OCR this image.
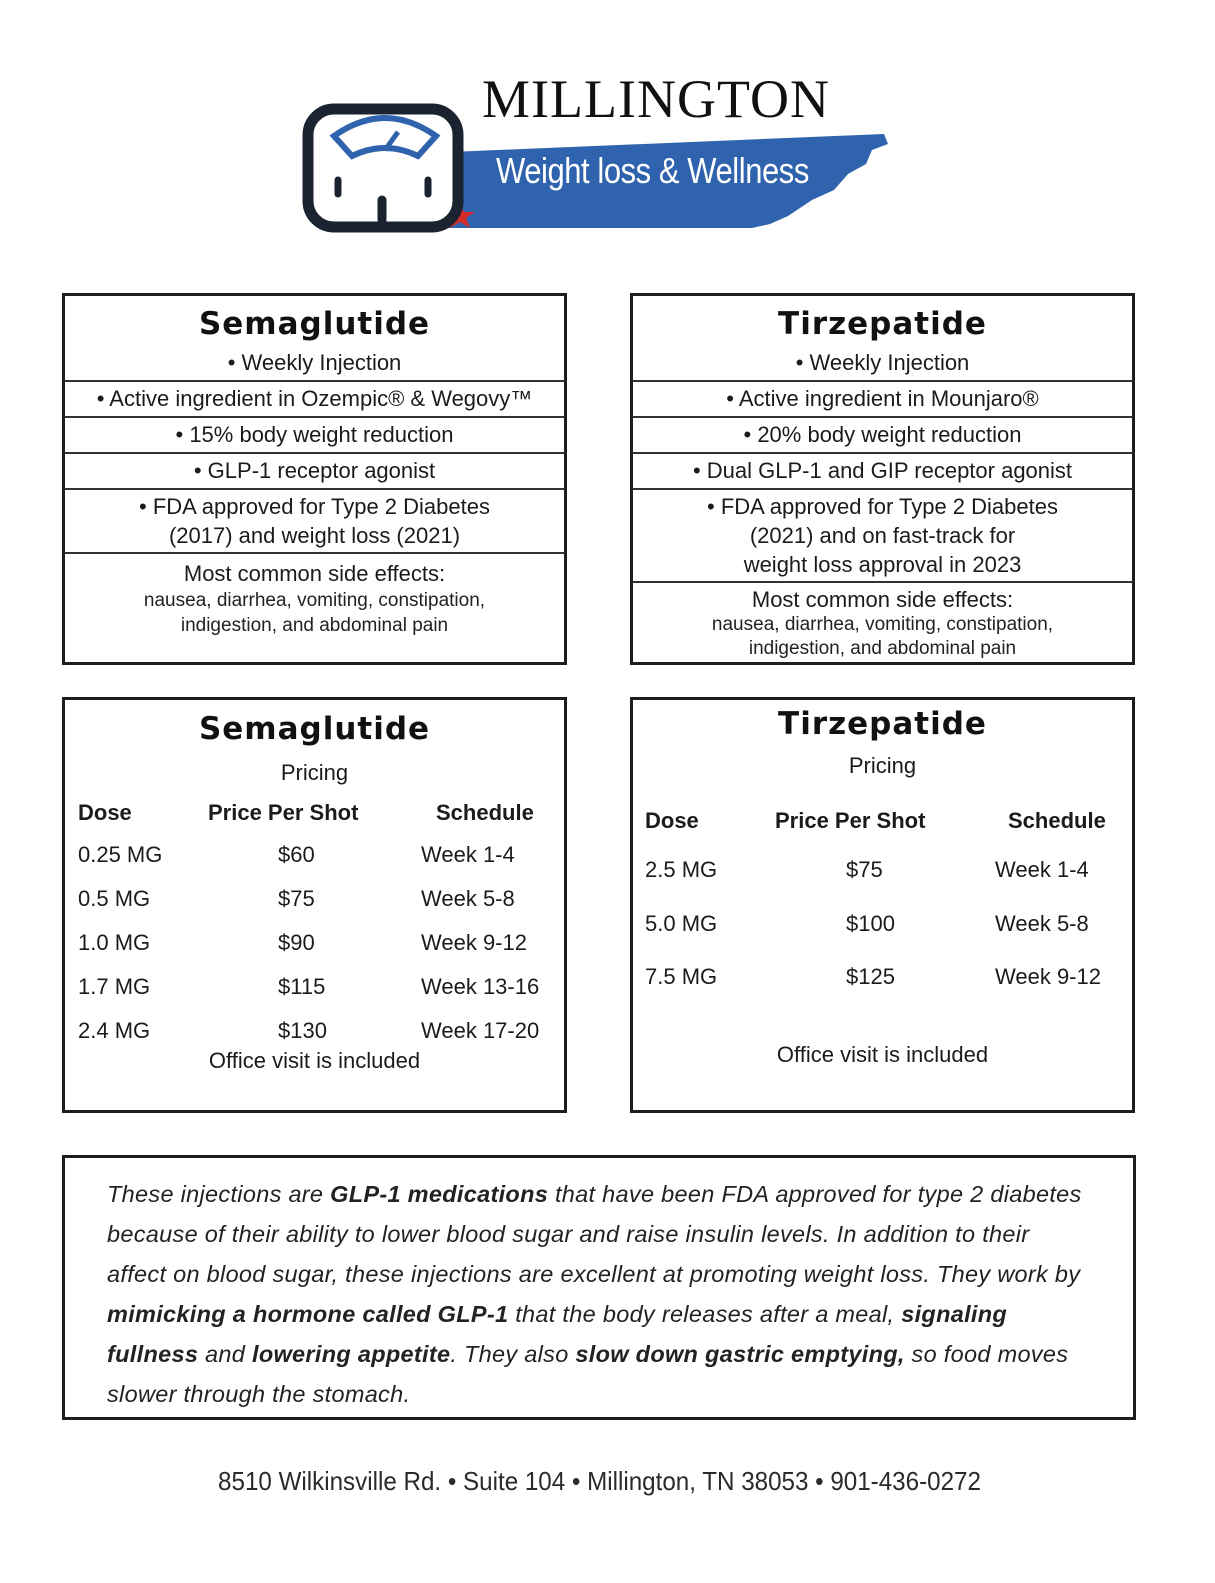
MILLINGTON
Weight loss & Wellness
Semaglutide
• Weekly Injection
• Active ingredient in Ozempic® & Wegovy™
• 15% body weight reduction
• GLP-1 receptor agonist
• FDA approved for Type 2 Diabetes
(2017) and weight loss (2021)
Most common side effects:
nausea, diarrhea, vomiting, constipation,
indigestion, and abdominal pain
Tirzepatide
• Weekly Injection
• Active ingredient in Mounjaro®
• 20% body weight reduction
• Dual GLP-1 and GIP receptor agonist
• FDA approved for Type 2 Diabetes
(2021) and on fast-track for
weight loss approval in 2023
Most common side effects:
nausea, diarrhea, vomiting, constipation,
indigestion, and abdominal pain
Semaglutide
Pricing
Dose	Price Per Shot	Schedule
0.25 MG	$60	Week 1-4
0.5 MG	$75	Week 5-8
1.0 MG	$90	Week 9-12
1.7 MG	$115	Week 13-16
2.4 MG	$130	Week 17-20
Office visit is included
Tirzepatide
Pricing
Dose	Price Per Shot	Schedule
2.5 MG	$75	Week 1-4
5.0 MG	$100	Week 5-8
7.5 MG	$125	Week 9-12
Office visit is included
These injections are GLP-1 medications that have been FDA approved for type 2 diabetes because of their ability to lower blood sugar and raise insulin levels. In addition to their affect on blood sugar, these injections are excellent at promoting weight loss. They work by mimicking a hormone called GLP-1 that the body releases after a meal, signaling fullness and lowering appetite. They also slow down gastric emptying, so food moves slower through the stomach.
8510 Wilkinsville Rd. • Suite 104 • Millington, TN 38053 • 901-436-0272
